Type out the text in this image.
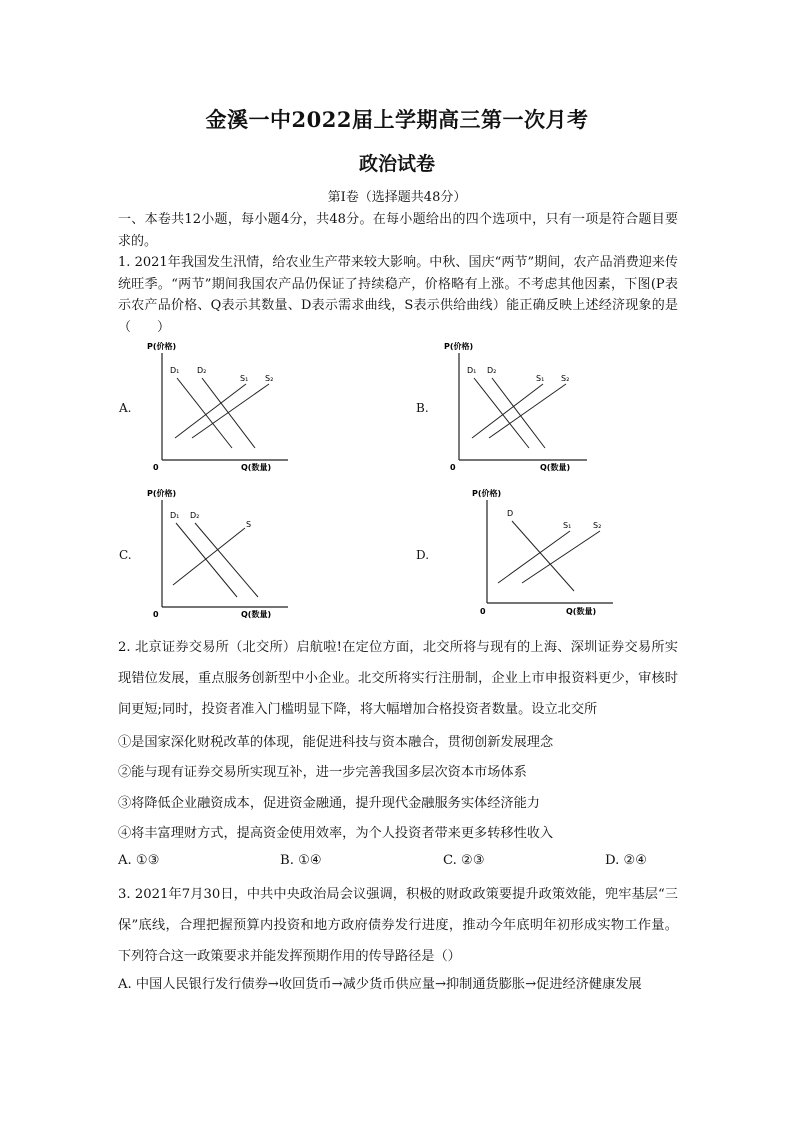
金溪一中2022届上学期高三第一次月考
政治试卷
第Ⅰ卷（选择题共48分）
一、本卷共12小题，每小题4分，共48分。在每小题给出的四个选项中，只有一项是符合题目要求的。
1. 2021年我国发生汛情，给农业生产带来较大影响。中秋、国庆“两节”期间，农产品消费迎来传统旺季。“两节”期间我国农产品仍保证了持续稳产，价格略有上涨。不考虑其他因素，下图(P表示农产品价格、Q表示其数量、D表示需求曲线，S表示供给曲线）能正确反映上述经济现象的是（　　）
A.
P(价格)
0	Q(数量)
D₁ D₂
S₁ S₂
B.
P(价格)
0	Q(数量)
D₁ D₂
S₁ S₂
C.
P(价格)
0	Q(数量)
D₁ D₂
S
D.
P(价格)
0	Q(数量)
D
S₁	S₂
2. 北京证券交易所（北交所）启航啦!在定位方面，北交所将与现有的上海、深圳证券交易所实现错位发展，重点服务创新型中小企业。北交所将实行注册制，企业上市申报资料更少，审核时间更短;同时，投资者准入门槛明显下降，将大幅增加合格投资者数量。设立北交所
①是国家深化财税改革的体现，能促进科技与资本融合，贯彻创新发展理念
②能与现有证券交易所实现互补，进一步完善我国多层次资本市场体系
③将降低企业融资成本，促进资金融通，提升现代金融服务实体经济能力
④将丰富理财方式，提高资金使用效率，为个人投资者带来更多转移性收入
A. ①③	B. ①④	C. ②③	D. ②④
3. 2021年7月30日，中共中央政治局会议强调，积极的财政政策要提升政策效能，兜牢基层“三保”底线，合理把握预算内投资和地方政府债券发行进度，推动今年底明年初形成实物工作量。下列符合这一政策要求并能发挥预期作用的传导路径是（）
A. 中国人民银行发行债券→收回货币→减少货币供应量→抑制通货膨胀→促进经济健康发展
